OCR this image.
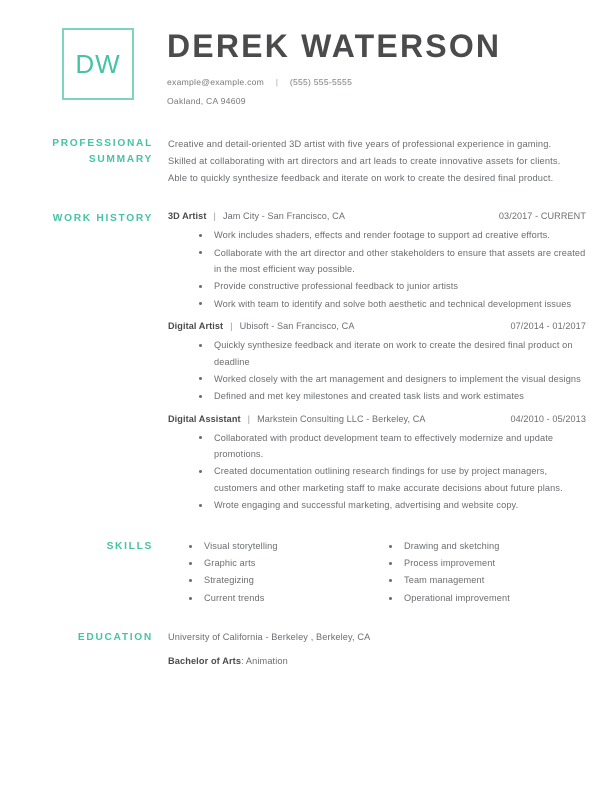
DW DEREK WATERSON
example@example.com | (555) 555-5555
Oakland, CA 94609
PROFESSIONAL
SUMMARY
Creative and detail-oriented 3D artist with five years of professional experience in gaming. Skilled at collaborating with art directors and art leads to create innovative assets for clients. Able to quickly synthesize feedback and iterate on work to create the desired final product.
WORK HISTORY 3D Artist | Jam City - San Francisco, CA	03/2017 - CURRENT
Work includes shaders, effects and render footage to support ad creative efforts.
Collaborate with the art director and other stakeholders to ensure that assets are created in the most efficient way possible.
Provide constructive professional feedback to junior artists
Work with team to identify and solve both aesthetic and technical development issues
Digital Artist | Ubisoft - San Francisco, CA	07/2014 - 01/2017
Quickly synthesize feedback and iterate on work to create the desired final product on deadline
Worked closely with the art management and designers to implement the visual designs
Defined and met key milestones and created task lists and work estimates
Digital Assistant | Markstein Consulting LLC - Berkeley, CA	04/2010 - 05/2013
Collaborated with product development team to effectively modernize and update promotions.
Created documentation outlining research findings for use by project managers, customers and other marketing staff to make accurate decisions about future plans.
Wrote engaging and successful marketing, advertising and website copy.
SKILLS	Visual storytelling
Graphic arts
Strategizing
Current trends
Drawing and sketching
Process improvement
Team management
Operational improvement
EDUCATION University of California - Berkeley , Berkeley, CA
Bachelor of Arts: Animation
